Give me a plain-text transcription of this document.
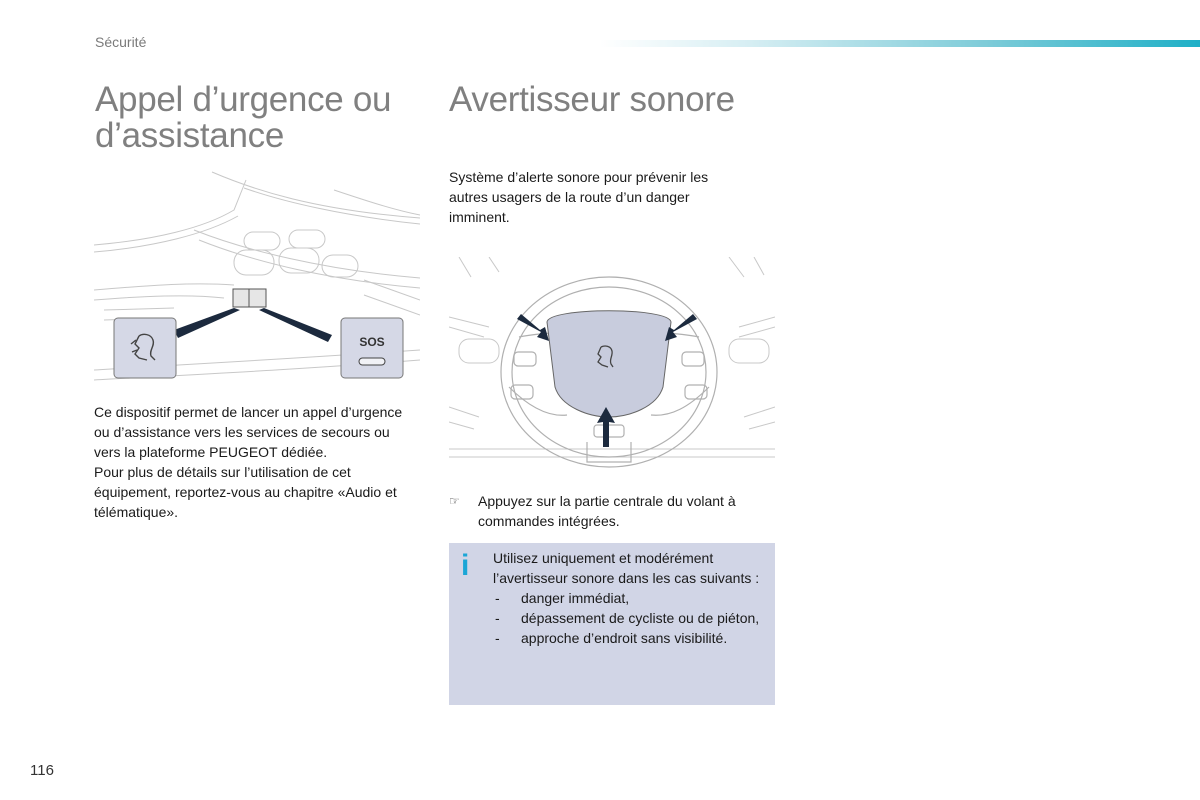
Sécurité
Appel d’urgence ou
d’assistance
SOS

Ce dispositif permet de lancer un appel d’urgence ou d’assistance vers les services de secours ou vers la plateforme PEUGEOT dédiée.

Pour plus de détails sur l’utilisation de cet équipement, reportez-vous au chapitre «Audio et télématique».

Avertisseur sonore
Système d’alerte sonore pour prévenir les autres usagers de la route d’un danger imminent.
☞ Appuyez sur la partie centrale du volant à commandes intégrées.
i Utilisez uniquement et modérément l’avertisseur sonore dans les cas suivants :
- danger immédiat,
- dépassement de cycliste ou de piéton,
- approche d’endroit sans visibilité.
116
